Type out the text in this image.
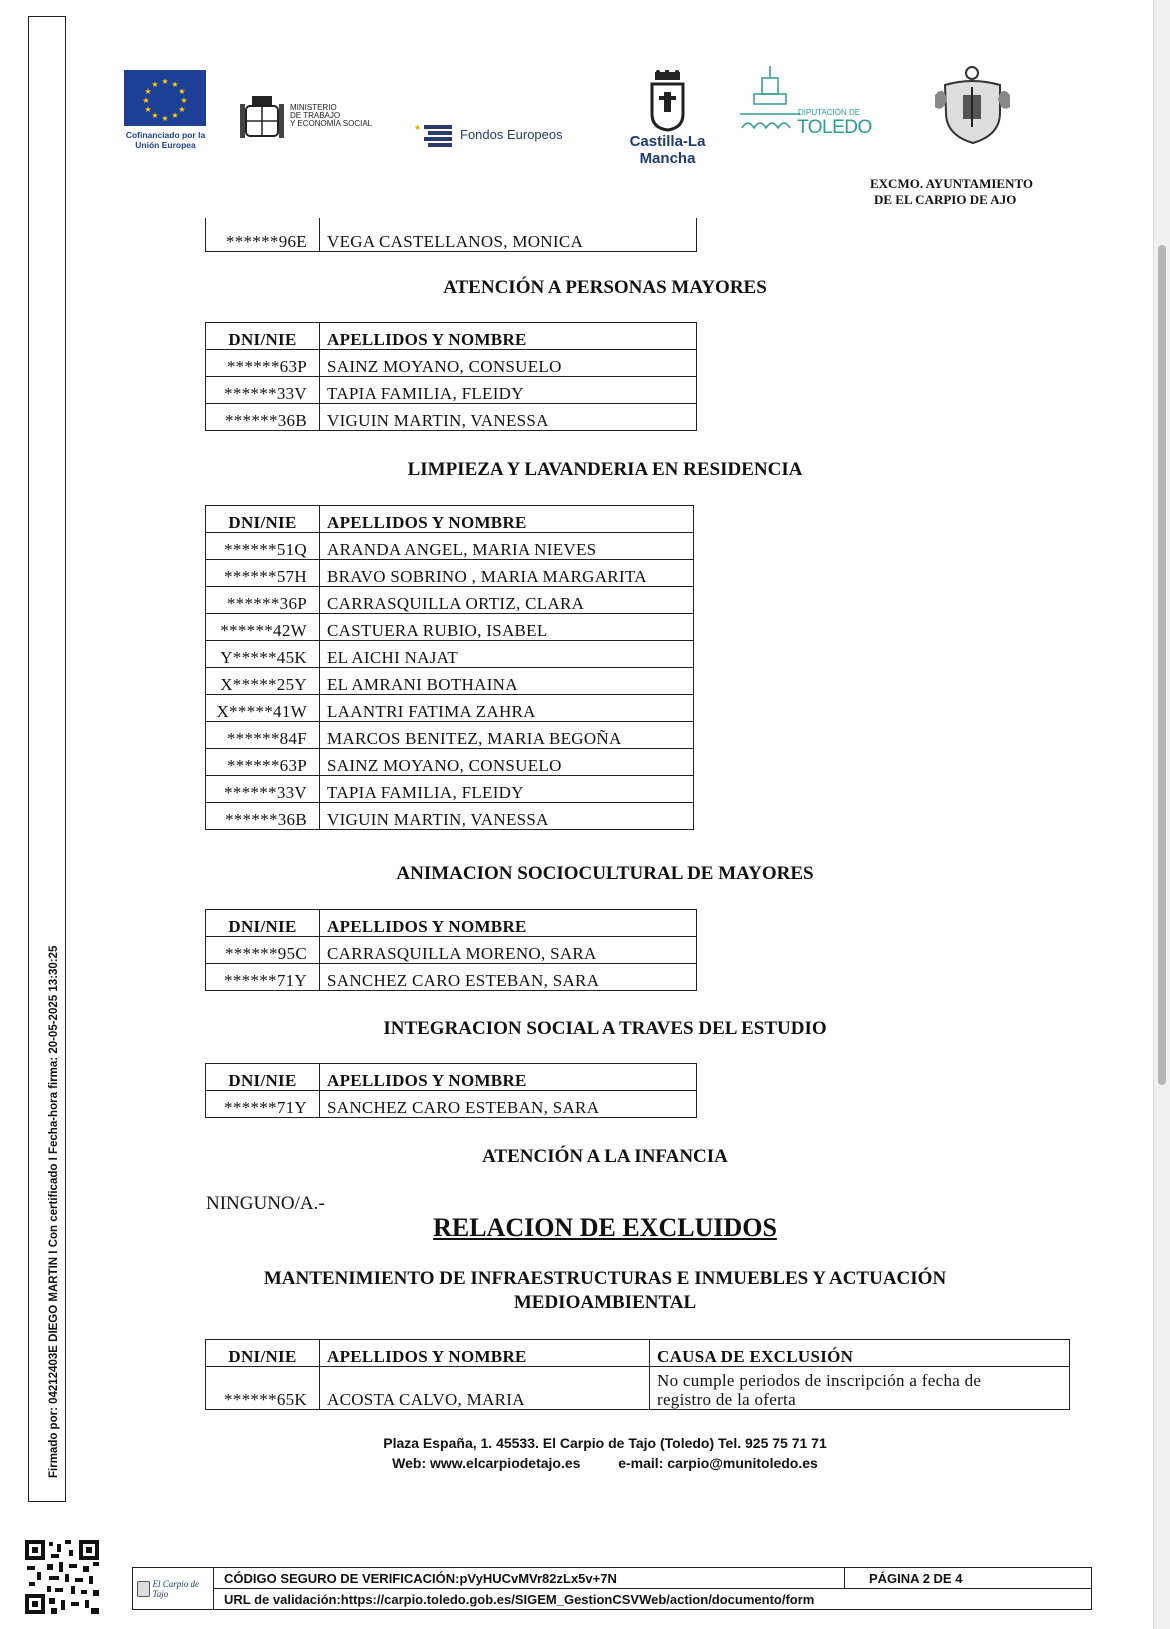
Firmado por: 04212403E DIEGO MARTIN I Con certificado I Fecha-hora firma: 20-05-2025 13:30:25
★ ★
★
★
★
★
★
★
★
★
★
★
Cofinanciado por la Unión Europea
MINISTERIO
DE TRABAJO
Y ECONOMÍA SOCIAL	★	Fondos Europeos	Castilla-La Mancha
DIPUTACIÓN DE
TOLEDO
EXCMO. AYUNTAMIENTO
DE EL CARPIO DE AJO
******96E	VEGA CASTELLANOS, MONICA
ATENCIÓN A PERSONAS MAYORES
DNI/NIE	APELLIDOS Y NOMBRE
******63P	SAINZ MOYANO, CONSUELO
******33V	TAPIA FAMILIA, FLEIDY
******36B	VIGUIN MARTIN, VANESSA
LIMPIEZA Y LAVANDERIA EN RESIDENCIA
DNI/NIE	APELLIDOS Y NOMBRE
******51Q	ARANDA ANGEL, MARIA NIEVES
******57H	BRAVO SOBRINO , MARIA MARGARITA
******36P	CARRASQUILLA ORTIZ, CLARA
******42W	CASTUERA RUBIO, ISABEL
Y*****45K	EL AICHI NAJAT
X*****25Y	EL AMRANI BOTHAINA
X*****41W	LAANTRI FATIMA ZAHRA
******84F	MARCOS BENITEZ, MARIA BEGOÑA
******63P	SAINZ MOYANO, CONSUELO
******33V	TAPIA FAMILIA, FLEIDY
******36B	VIGUIN MARTIN, VANESSA
ANIMACION SOCIOCULTURAL DE MAYORES
DNI/NIE	APELLIDOS Y NOMBRE
******95C	CARRASQUILLA MORENO, SARA
******71Y	SANCHEZ CARO ESTEBAN, SARA
INTEGRACION SOCIAL A TRAVES DEL ESTUDIO
DNI/NIE	APELLIDOS Y NOMBRE
******71Y	SANCHEZ CARO ESTEBAN, SARA
ATENCIÓN A LA INFANCIA
NINGUNO/A.-
RELACION DE EXCLUIDOS
MANTENIMIENTO DE INFRAESTRUCTURAS E INMUEBLES Y ACTUACIÓN
MEDIOAMBIENTAL
DNI/NIE	APELLIDOS Y NOMBRE	CAUSA DE EXCLUSIÓN
******65K	ACOSTA CALVO, MARIA	No cumple periodos de inscripción a fecha de
registro de la oferta
Plaza España, 1. 45533. El Carpio de Tajo (Toledo) Tel. 925 75 71 71
Web: www.elcarpiodetajo.es	e-mail: carpio@munitoledo.es
El Carpio de Tajo
	CÓDIGO SEGURO DE VERIFICACIÓN:pVyHUCvMVr82zLx5v+7N	PÁGINA 2 DE 4
URL de validación:https://carpio.toledo.gob.es/SIGEM_GestionCSVWeb/action/documento/form
